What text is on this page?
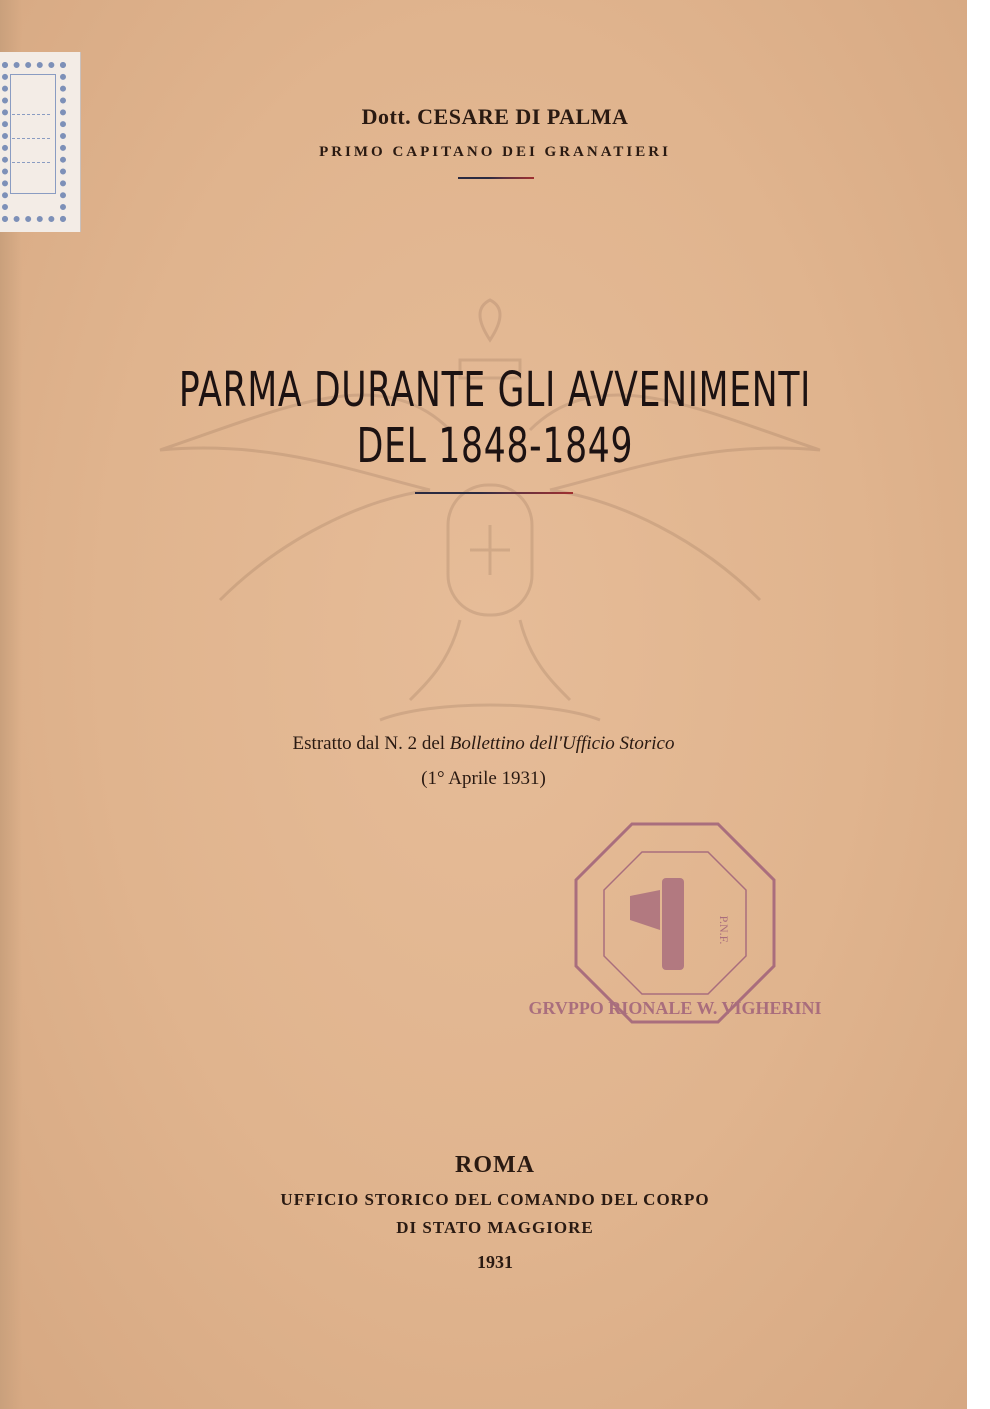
Dott. CESARE DI PALMA
PRIMO CAPITANO DEI GRANATIERI
PARMA DURANTE GLI AVVENIMENTI DEL 1848-1849
Estratto dal N. 2 del Bollettino dell'Ufficio Storico
(1° Aprile 1931)
GRVPPO RIONALE W. VIGHERINI
P.N.F.
ROMA
UFFICIO STORICO DEL COMANDO DEL CORPO
DI STATO MAGGIORE
1931
